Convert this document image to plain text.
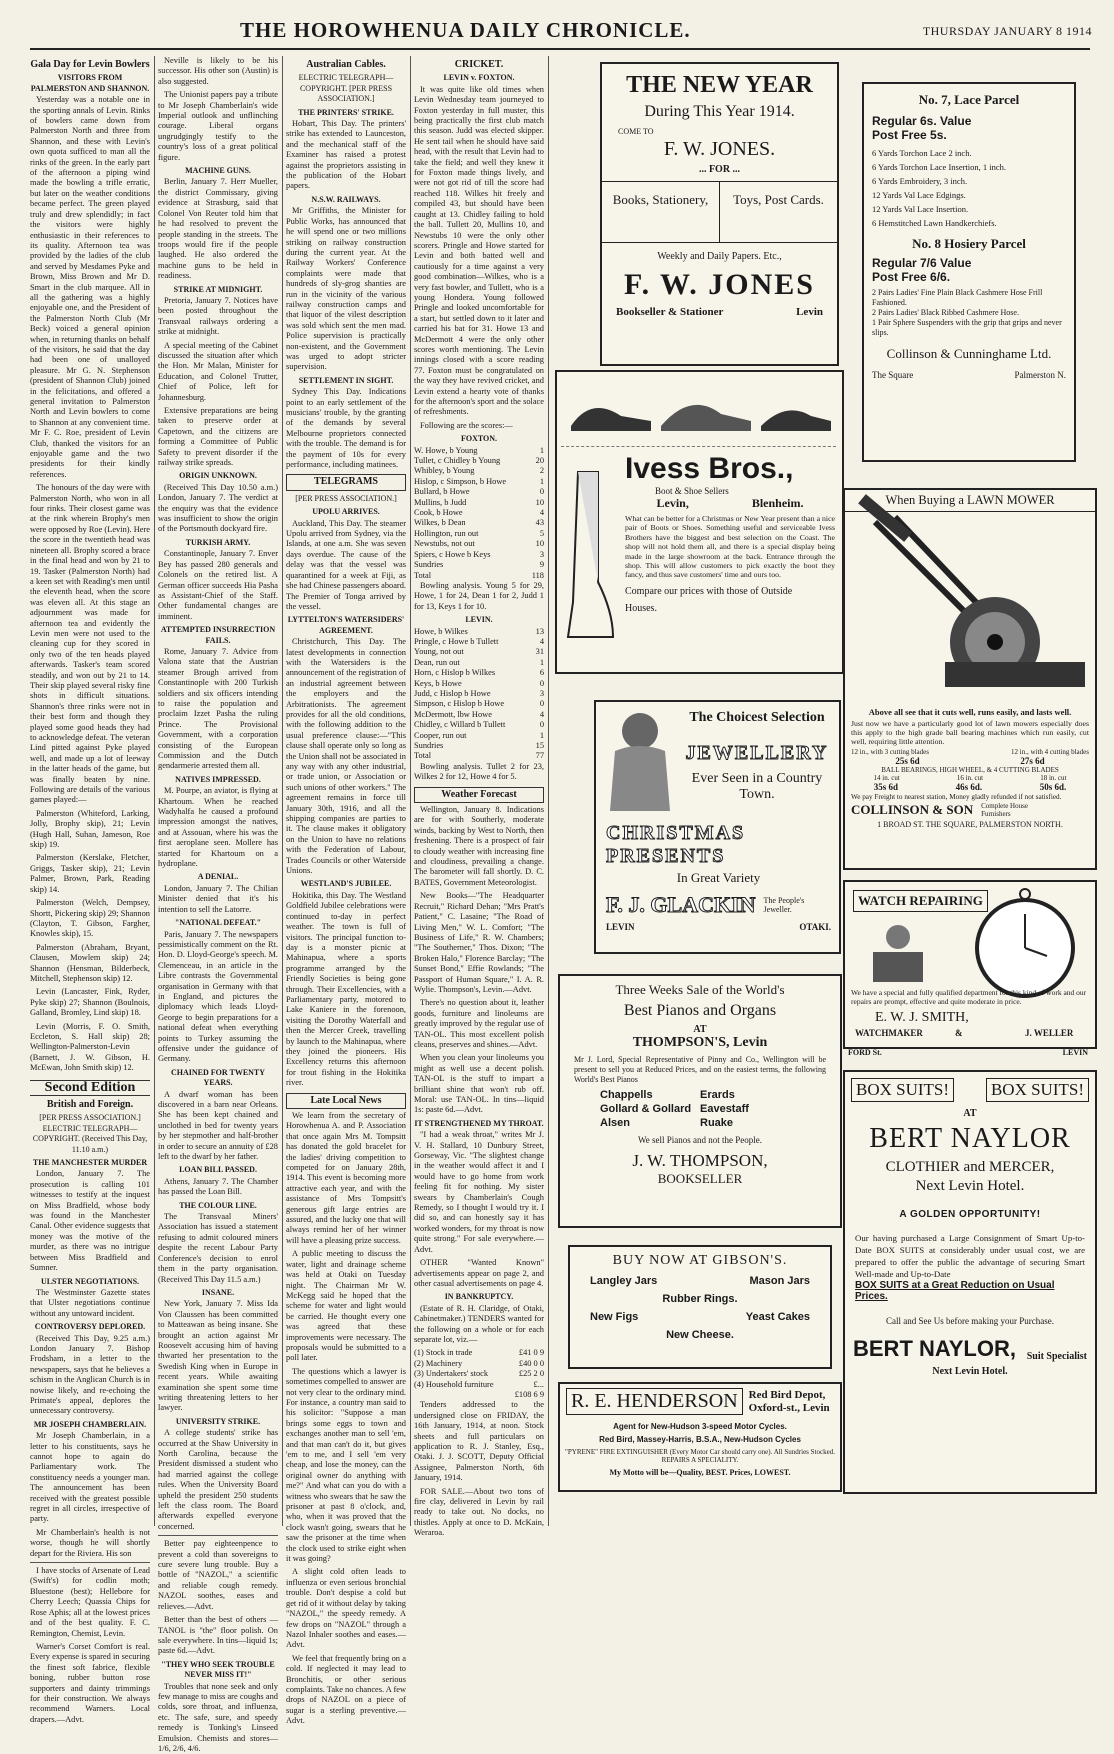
THE HOROWHENUA DAILY CHRONICLE.	THURSDAY JANUARY 8 1914
Gala Day for Levin Bowlers
VISITORS FROM PALMERSTON AND SHANNON.

Yesterday was a notable one in the sporting annals of Levin. Rinks of bowlers came down from Palmerston North and three from Shannon, and these with Levin's own quota sufficed to man all the rinks of the green. In the early part of the afternoon a piping wind made the bowling a trifle erratic, but later on the weather conditions became perfect. The green played truly and drew splendidly; in fact the visitors were highly enthusiastic in their references to its quality. Afternoon tea was provided by the ladies of the club and served by Mesdames Pyke and Brown, Miss Brown and Mr D. Smart in the club marquee. All in all the gathering was a highly enjoyable one, and the President of the Palmerston North Club (Mr Beck) voiced a general opinion when, in returning thanks on behalf of the visitors, he said that the day had been one of unalloyed pleasure. Mr G. N. Stephenson (president of Shannon Club) joined in the felicitations, and offered a general invitation to Palmerston North and Levin bowlers to come to Shannon at any convenient time. Mr F. C. Roe, president of Levin Club, thanked the visitors for an enjoyable game and the two presidents for their kindly references.

The honours of the day were with Palmerston North, who won in all four rinks. Their closest game was at the rink wherein Brophy's men were opposed by Roe (Levin). Here the score in the twentieth head was nineteen all. Brophy scored a brace in the final head and won by 21 to 19. Tasker (Palmerston North) had a keen set with Reading's men until the eleventh head, when the score was eleven all. At this stage an adjournment was made for afternoon tea and evidently the Levin men were not used to the cleaning cup for they scored in only two of the ten heads played afterwards. Tasker's team scored steadily, and won out by 21 to 14. Their skip played several risky fine shots in difficult situations. Shannon's three rinks were not in their best form and though they played some good heads they had to acknowledge defeat. The veteran Lind pitted against Pyke played well, and made up a lot of leeway in the latter heads of the game, but was finally beaten by nine. Following are details of the various games played:—

Palmerston (Whiteford, Larking, Jolly, Brophy skip), 21; Levin (Hugh Hall, Suhan, Jameson, Roe skip) 19.

Palmerston (Kerslake, Fletcher, Griggs, Tasker skip), 21; Levin Palmer, Brown, Park, Reading skip) 14.

Palmerston (Welch, Dempsey, Shortt, Pickering skip) 29; Shannon (Clayton, T. Gibson, Fargher, Knowles skip), 15.

Palmerston (Abraham, Bryant, Clausen, Mowlem skip) 24; Shannon (Hensman, Bilderbeck, Mitchell, Stephenson skip) 12.

Levin (Lancaster, Fink, Ryder, Pyke skip) 27; Shannon (Boulnois, Galland, Bromley, Lind skip) 18.

Levin (Morris, F. O. Smith, Eccleton, S. Hall skip) 28; Wellington-Palmerston-Levin (Barnett, J. W. Gibson, H. McEwan, John Smith skip) 12.

Second Edition
British and Foreign.
[PER PRESS ASSOCIATION.] ELECTRIC TELEGRAPH—COPYRIGHT. (Received This Day, 11.10 a.m.)
THE MANCHESTER MURDER

London, January 7. The prosecution is calling 101 witnesses to testify at the inquest on Miss Bradfield, whose body was found in the Manchester Canal. Other evidence suggests that money was the motive of the murder, as there was no intrigue between Miss Bradfield and Sumner.

ULSTER NEGOTIATIONS.

The Westminster Gazette states that Ulster negotiations continue without any untoward incident.

CONTROVERSY DEPLORED.

(Received This Day, 9.25 a.m.) London January 7. Bishop Frodsham, in a letter to the newspapers, says that he believes a schism in the Anglican Church is in nowise likely, and re-echoing the Primate's appeal, deplores the unnecessary controversy.

MR JOSEPH CHAMBERLAIN.

Mr Joseph Chamberlain, in a letter to his constituents, says he cannot hope to again do Parliamentary work. The constituency needs a younger man. The announcement has been received with the greatest possible regret in all circles, irrespective of party.

Mr Chamberlain's health is not worse, though he will shortly depart for the Riviera. His son

I have stocks of Arsenate of Lead (Swift's) for codlin moth; Bluestone (best); Hellebore for Cherry Leech; Quassia Chips for Rose Aphis; all at the lowest prices and of the best quality. F. C. Remington, Chemist, Levin.

Warner's Corset Comfort is real. Every expense is spared in securing the finest soft fabrice, flexible boning, rubber button rose supporters and dainty trimmings for their construction. We always recommend Warners. Local drapers.—Advt.

Neville is likely to be his successor. His other son (Austin) is also suggested.

The Unionist papers pay a tribute to Mr Joseph Chamberlain's wide Imperial outlook and unflinching courage. Liberal organs ungrudgingly testify to the country's loss of a great political figure.

MACHINE GUNS.

Berlin, January 7. Herr Mueller, the district Commissary, giving evidence at Strasburg, said that Colonel Von Reuter told him that he had resolved to prevent the people standing in the streets. The troops would fire if the people laughed. He also ordered the machine guns to be held in readiness.

STRIKE AT MIDNIGHT.

Pretoria, January 7. Notices have been posted throughout the Transvaal railways ordering a strike at midnight.

A special meeting of the Cabinet discussed the situation after which the Hon. Mr Malan, Minister for Education, and Colonel Trutter, Chief of Police, left for Johannesburg.

Extensive preparations are being taken to preserve order at Capetown, and the citizens are forming a Committee of Public Safety to prevent disorder if the railway strike spreads.

ORIGIN UNKNOWN.

(Received This Day 10.50 a.m.) London, January 7. The verdict at the enquiry was that the evidence was insufficient to show the origin of the Portsmouth dockyard fire.

TURKISH ARMY.

Constantinople, January 7. Enver Bey has passed 280 generals and Colonels on the retired list. A German officer succeeds Hia Pasha as Assistant-Chief of the Staff. Other fundamental changes are imminent.

ATTEMPTED INSURRECTION FAILS.

Rome, January 7. Advice from Valona state that the Austrian steamer Brough arrived from Constantinople with 200 Turkish soldiers and six officers intending to raise the population and proclaim Izzet Pasha the ruling Prince. The Provisional Government, with a corporation consisting of the European Commission and the Dutch gendarmerie arrested them all.

NATIVES IMPRESSED.

M. Pourpe, an aviator, is flying at Khartoum. When he reached Wadyhalfa he caused a profound impression amongst the natives, and at Assouan, where his was the first aeroplane seen. Mollere has started for Khartoum on a hydroplane.

A DENIAL.

London, January 7. The Chilian Minister denied that it's his intention to sell the Latorre.

"NATIONAL DEFEAT."

Paris, January 7. The newspapers pessimistically comment on the Rt. Hon. D. Lloyd-George's speech. M. Clemenceau, in an article in the Libre contrasts the Governmental organisation in Germany with that in England, and pictures the diplomacy which leads Lloyd-George to begin preparations for a national defeat when everything points to Turkey assuming the offensive under the guidance of Germany.

CHAINED FOR TWENTY YEARS.

A dwarf woman has been discovered in a barn near Orleans. She has been kept chained and unclothed in bed for twenty years by her stepmother and half-brother in order to secure an annuity of £28 left to the dwarf by her father.

LOAN BILL PASSED.

Athens, January 7. The Chamber has passed the Loan Bill.

THE COLOUR LINE.

The Transvaal Miners' Association has issued a statement refusing to admit coloured miners despite the recent Labour Party Conference's decision to enrol them in the party organisation. (Received This Day 11.5 a.m.)

INSANE.

New York, January 7. Miss Ida Von Claussen has been committed to Matteawan as being insane. She brought an action against Mr Roosevelt accusing him of having thwarted her presentation to the Swedish King when in Europe in recent years. While awaiting examination she spent some time writing threatening letters to her lawyer.

UNIVERSITY STRIKE.

A college students' strike has occurred at the Shaw University in North Carolina, because the President dismissed a student who had married against the college rules. When the University Board upheld the president 250 students left the class room. The Board afterwards expelled everyone concerned.

Better pay eighteenpence to prevent a cold than sovereigns to cure severe lung trouble. Buy a bottle of "NAZOL," a scientific and reliable cough remedy. NAZOL soothes, eases and relieves.—Advt.

Better than the best of others —TANOL is "the" floor polish. On sale everywhere. In tins—liquid 1s; paste 6d.—Advt.

"THEY WHO SEEK TROUBLE NEVER MISS IT!"

Troubles that none seek and only few manage to miss are coughs and colds, sore throat, and influenza, etc. The safe, sure, and speedy remedy is Tonking's Linseed Emulsion. Chemists and stores—1/6, 2/6, 4/6.

Australian Cables.
ELECTRIC TELEGRAPH—COPYRIGHT. [PER PRESS ASSOCIATION.]
THE PRINTERS' STRIKE.

Hobart, This Day. The printers' strike has extended to Launceston, and the mechanical staff of the Examiner has raised a protest against the proprietors assisting in the publication of the Hobart papers.

N.S.W. RAILWAYS.

Mr Griffiths, the Minister for Public Works, has announced that he will spend one or two millions striking on railway construction during the current year. At the Railway Workers' Conference complaints were made that hundreds of sly-grog shanties are run in the vicinity of the various railway construction camps and that liquor of the vilest description was sold which sent the men mad. Police supervision is practically non-existent, and the Government was urged to adopt stricter supervision.

SETTLEMENT IN SIGHT.

Sydney This Day. Indications point to an early settlement of the musicians' trouble, by the granting of the demands by several Melbourne proprietors connected with the trouble. The demand is for the payment of 10s for every performance, including matinees.

TELEGRAMS
[PER PRESS ASSOCIATION.]
UPOLU ARRIVES.

Auckland, This Day. The steamer Upolu arrived from Sydney, via the Islands, at one a.m. She was seven days overdue. The cause of the delay was that the vessel was quarantined for a week at Fiji, as she had Chinese passengers aboard. The Premier of Tonga arrived by the vessel.

LYTTELTON'S WATERSIDERS' AGREEMENT.

Christchurch, This Day. The latest developments in connection with the Watersiders is the announcement of the registration of an industrial agreement between the employers and the Arbitrationists. The agreement provides for all the old conditions, with the following addition to the usual preference clause:—"This clause shall operate only so long as the Union shall not be associated in any way with any other industrial, or trade union, or Association or such unions of other workers." The agreement remains in force till January 30th, 1916, and all the shipping companies are parties to it. The clause makes it obligatory on the Union to have no relations with the Federation of Labour, Trades Councils or other Waterside Unions.

WESTLAND'S JUBILEE.

Hokitika, this Day. The Westland Goldfield Jubilee celebrations were continued to-day in perfect weather. The town is full of visitors. The principal function to-day is a monster picnic at Mahinapua, where a sports programme arranged by the Friendly Societies is being gone through. Their Excellencies, with a Parliamentary party, motored to Lake Kaniere in the forenoon, visiting the Dorothy Waterfall and then the Mercer Creek, travelling by launch to the Mahinapua, where they joined the pioneers. His Excellency returns this afternoon for trout fishing in the Hokitika river.

Late Local News

We learn from the secretary of Horowhenua A. and P. Association that once again Mrs M. Tompsitt has donated the gold bracelet for the ladies' driving competition to competed for on January 28th, 1914. This event is becoming more attractive each year, and with the assistance of Mrs Tompsitt's generous gift large entries are assured, and the lucky one that will always remind her of her winner will have a pleasing prize success.

A public meeting to discuss the water, light and drainage scheme was held at Otaki on Tuesday night. The Chairman Mr W. McKegg said he hoped that the scheme for water and light would be carried. He thought every one was agreed that these improvements were necessary. The proposals would be submitted to a poll later.

The questions which a lawyer is sometimes compelled to answer are not very clear to the ordinary mind. For instance, a country man said to his solicitor: "Suppose a man brings some eggs to town and exchanges another man to sell 'em, and that man can't do it, but gives 'em to me, and I sell 'em very cheap, and lose the money, can the original owner do anything with me?" And what can you do with a witness who swears that he saw the prisoner at past 8 o'clock, and, who, when it was proved that the clock wasn't going, swears that he saw the prisoner at the time when the clock used to strike eight when it was going?

A slight cold often leads to influenza or even serious bronchial trouble. Don't despise a cold but get rid of it without delay by taking "NAZOL," the speedy remedy. A few drops on "NAZOL" through a Nazol Inhaler soothes and eases.—Advt.

We feel that frequently bring on a cold. If neglected it may lead to Bronchitis, or other serious complaints. Take no chances. A few drops of NAZOL on a piece of sugar is a sterling preventive.—Advt.

CRICKET.
LEVIN v. FOXTON.

It was quite like old times when Levin Wednesday team journeyed to Foxton yesterday in full muster, this being practically the first club match this season. Judd was elected skipper. He sent tail when he should have said head, with the result that Levin had to take the field; and well they knew it for Foxton made things lively, and were not got rid of till the score had reached 118. Wilkes hit freely and compiled 43, but should have been caught at 13. Chidley failing to hold the ball. Tullett 20, Mullins 10, and Newstubs 10 were the only other scorers. Pringle and Howe started for Levin and both batted well and cautiously for a time against a very good combination—Wilkes, who is a very fast bowler, and Tullett, who is a young Hondera. Young followed Pringle and looked uncomfortable for a start, but settled down to it later and carried his bat for 31. Howe 13 and McDermott 4 were the only other scores worth mentioning. The Levin innings closed with a score reading 77. Foxton must be congratulated on the way they have revived cricket, and Levin extend a hearty vote of thanks for the afternoon's sport and the solace of refreshments.

Following are the scores:—

FOXTON.
W. Howe, b Young	1
Tullet, c Chidley b Young	20
Whibley, b Young	2
Hislop, c Simpson, b Howe	1
Bullard, b Howe	0
Mullins, b Judd	10
Cook, b Howe	4
Wilkes, b Dean	43
Hollington, run out	5
Newstubs, not out	10
Spiers, c Howe b Keys	3
Sundries	9
Total	118

Bowling analysis. Young 5 for 29, Howe, 1 for 24, Dean 1 for 2, Judd 1 for 13, Keys 1 for 10.

LEVIN.
Howe, b Wilkes	13
Pringle, c Howe b Tullett	4
Young, not out	31
Dean, run out	1
Horn, c Hislop b Wilkes	6
Keys, b Howe	0
Judd, c Hislop b Howe	3
Simpson, c Hislop b Howe	0
McDermott, lbw Howe	4
Chidley, c Willard b Tullett	0
Cooper, run out	1
Sundries	15
Total	77

Bowling analysis. Tullet 2 for 23, Wilkes 2 for 12, Howe 4 for 5.

Weather Forecast

Wellington, January 8. Indications are for with Southerly, moderate winds, backing by West to North, then freshening. There is a prospect of fair to cloudy weather with increasing fine and cloudiness, prevailing a change. The barometer will fall shortly. D. C. BATES, Government Meteorologist.

New Books—"The Headquarter Recruit," Richard Dehan; "Mrs Pratt's Patient," C. Lasaine; "The Road of Living Men," W. L. Comfort; "The Business of Life," R. W. Chambers; "The Southerner," Thos. Dixon; "The Broken Halo," Florence Barclay; "The Sunset Bond," Effie Rowlands; "The Passport of Human Square," I. A. R. Wylie. Thompson's, Levin.—Advt.

There's no question about it, leather goods, furniture and linoleums are greatly improved by the regular use of TAN-OL. This most excellent polish cleans, preserves and shines.—Advt.

When you clean your linoleums you might as well use a decent polish. TAN-OL is the stuff to impart a brilliant shine that won't rub off. Moral: use TAN-OL. In tins—liquid 1s: paste 6d.—Advt.

IT STRENGTHENED MY THROAT.

"I had a weak throat," writes Mr J. V. H. Stallard, 10 Dunbury Street, Gorseway, Vic. "The slightest change in the weather would affect it and I would have to go home from work feeling fit for nothing. My sister swears by Chamberlain's Cough Remedy, so I thought I would try it. I did so, and can honestly say it has worked wonders, for my throat is now quite strong." For sale everywhere.—Advt.

OTHER "Wanted Known" advertisements appear on page 2, and other casual advertisements on page 4.

IN BANKRUPTCY.

(Estate of R. H. Claridge, of Otaki, Cabinetmaker.) TENDERS wanted for the following on a whole or for each separate lot, viz.—

(1) Stock in trade	£41 0 9
(2) Machinery	£40 0 0
(3) Undertakers' stock	£25 2 0
(4) Household furniture	£...
£108 6 9

Tenders addressed to the undersigned close on FRIDAY, the 16th January, 1914, at noon. Stock sheets and full particulars on application to R. J. Stanley, Esq., Otaki. J. J. SCOTT, Deputy Official Assignee, Palmerston North, 6th January, 1914.

FOR SALE.—About two tons of fire clay, delivered in Levin by rail ready to take out. No docks, no thistles. Apply at once to D. McKain, Weraroa.

THE NEW YEAR
During This Year 1914.
COME TO
F. W. JONES.
... FOR ...
Books, Stationery,	Toys, Post Cards.
Weekly and Daily Papers. Etc.,
F. W. JONES
Bookseller & Stationer	Levin
No. 7, Lace Parcel
Regular 6s. Value
Post Free 5s.
6 Yards Torchon Lace 2 inch.
6 Yards Torchon Lace Insertion, 1 inch.
6 Yards Embroidery, 3 inch.
12 Yards Val Lace Edgings.
12 Yards Val Lace Insertion.
6 Hemstitched Lawn Handkerchiefs.
No. 8 Hosiery Parcel
Regular 7/6 Value
Post Free 6/6.
2 Pairs Ladies' Fine Plain Black Cashmere Hose Frill Fashioned.
2 Pairs Ladies' Black Ribbed Cashmere Hose.
1 Pair Sphere Suspenders with the grip that grips and never slips.
Collinson & Cunninghame Ltd.
The Square	Palmerston N.
Ivess Bros.,
Boot & Shoe Sellers
Levin,	Blenheim.
What can be better for a Christmas or New Year present than a nice pair of Boots or Shoes. Something useful and serviceable Ivess Brothers have the biggest and best selection on the Coast. The shop will not hold them all, and there is a special display being made in the large showroom at the back. Entrance through the shop. This will allow customers to pick exactly the boot they fancy, and thus save customers' time and ours too.
Compare our prices with those of Outside
Houses.
When Buying a LAWN MOWER
Above all see that it cuts well, runs easily, and lasts well.
Just now we have a particularly good lot of lawn mowers especially does this apply to the high grade ball bearing machines which run easily, cut well, requiring little attention.
12 in., with 3 cutting blades	12 in., with 4 cutting blades
25s 6d	27s 6d
BALL BEARINGS, HIGH WHEEL, & 4 CUTTING BLADES
14 in. cut	16 in. cut	18 in. cut
35s 6d	46s 6d.	50s 6d.
We pay Freight to nearest station, Money gladly refunded if not satisfied.
COLLINSON & SON Complete House Furnishers
1 BROAD ST. THE SQUARE, PALMERSTON NORTH.
The Choicest Selection
JEWELLERY
Ever Seen in a Country Town.
CHRISTMAS
PRESENTS
In Great Variety
F. J. GLACKIN The People's Jeweller.
LEVIN	OTAKI.
WATCH REPAIRING
We have a special and fully qualified department for this kind of work and our repairs are prompt, effective and quite moderate in price.
E. W. J. SMITH,
WATCHMAKER	&	J. WELLER
FORD St.	LEVIN
Three Weeks Sale of the World's
Best Pianos and Organs
AT
THOMPSON'S, Levin
Mr J. Lord, Special Representative of Pinny and Co., Wellington will be present to sell you at Reduced Prices, and on the easiest terms, the following World's Best Pianos
Chappells	Erards
Gollard & Gollard Eavestaff
Alsen	Ruake
We sell Pianos and not the People.
J. W. THOMPSON,
BOOKSELLER
BUY NOW AT GIBSON'S.
Langley Jars	Mason Jars
Rubber Rings.
New Figs	Yeast Cakes
New Cheese.
R. E. HENDERSON	Red Bird Depot,
Oxford-st., Levin
Agent for New-Hudson 3-speed Motor Cycles.
Red Bird, Massey-Harris, B.S.A., New-Hudson Cycles
"PYRENE" FIRE EXTINGUISHER (Every Motor Car should carry one). All Sundries Stocked. REPAIRS A SPECIALITY.
My Motto will be—Quality, BEST. Prices, LOWEST.
BOX SUITS! BOX SUITS!
AT
BERT NAYLOR
CLOTHIER and MERCER,
Next Levin Hotel.
A GOLDEN OPPORTUNITY!
Our having purchased a Large Consignment of Smart Up-to-Date BOX SUITS at considerably under usual cost, we are prepared to offer the public the advantage of securing Smart Well-made and Up-to-Date
BOX SUITS at a Great Reduction on Usual Prices.
Call and See Us before making your Purchase.
BERT NAYLOR, Suit Specialist
Next Levin Hotel.
